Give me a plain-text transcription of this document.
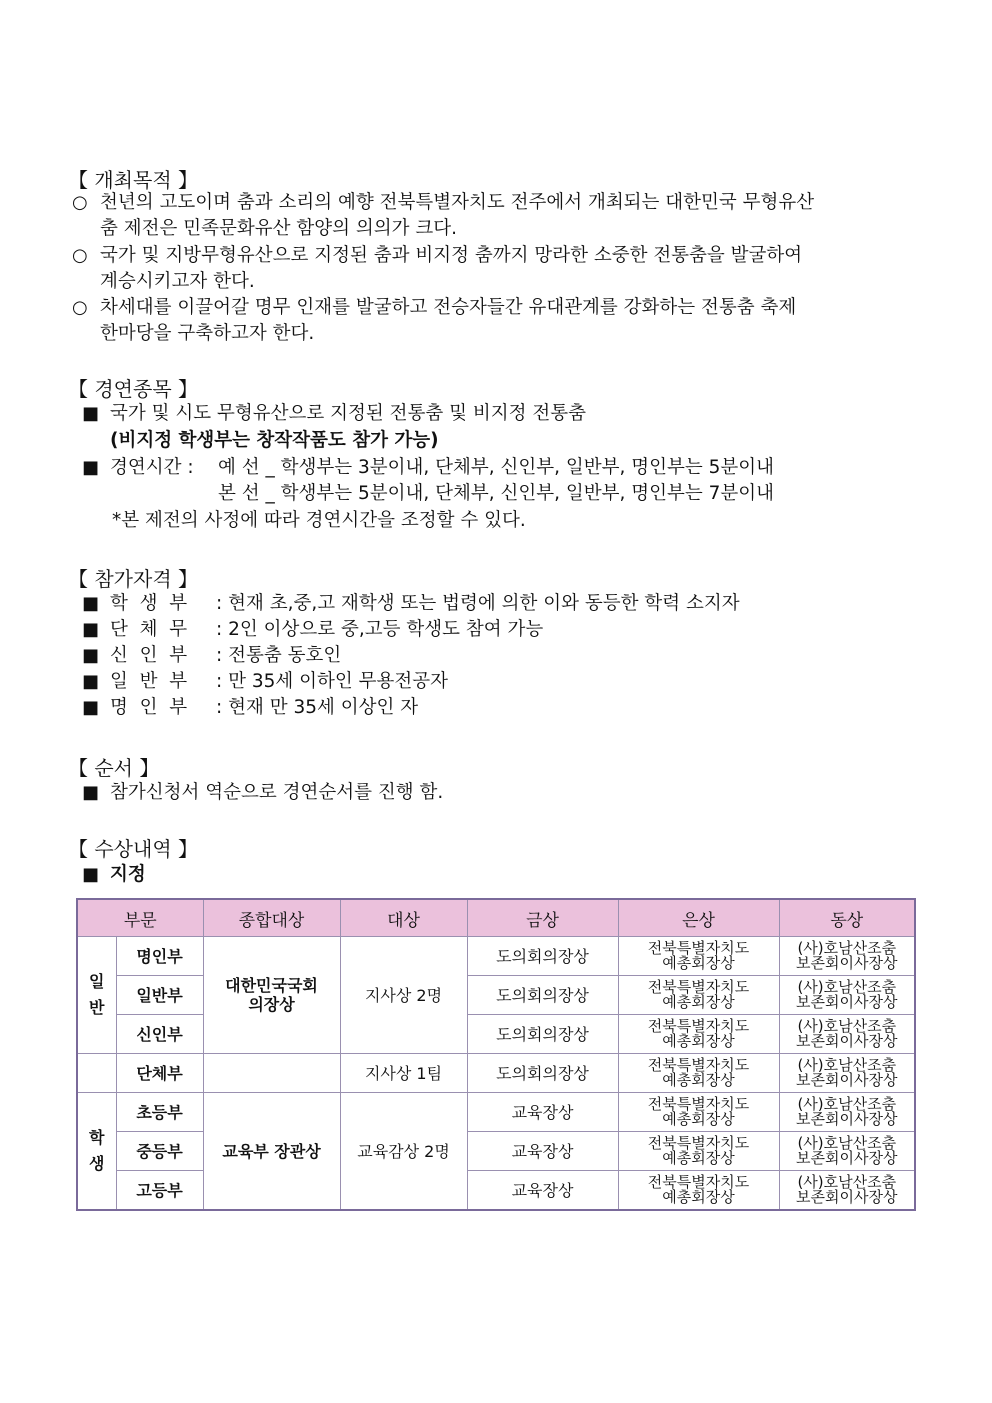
【 개최목적 】
○ 천년의 고도이며 춤과 소리의 예향 전북특별자치도 전주에서 개최되는 대한민국 무형유산
춤 제전은 민족문화유산 함양의 의의가 크다.
○ 국가 및 지방무형유산으로 지정된 춤과 비지정 춤까지 망라한 소중한 전통춤을 발굴하여
계승시키고자 한다.
○ 차세대를 이끌어갈 명무 인재를 발굴하고 전승자들간 유대관계를 강화하는 전통춤 축제
한마당을 구축하고자 한다.
【 경연종목 】
■ 국가 및 시도 무형유산으로 지정된 전통춤 및 비지정 전통춤
(비지정 학생부는 창작작품도 참가 가능)
■ 경연시간 : 예 선 _ 학생부는 3분이내, 단체부, 신인부, 일반부, 명인부는 5분이내
본 선 _ 학생부는 5분이내, 단체부, 신인부, 일반부, 명인부는 7분이내
*본 제전의 사정에 따라 경연시간을 조정할 수 있다.
【 참가자격 】
■ 학  생  부 : 현재 초,중,고 재학생 또는 법령에 의한 이와 동등한 학력 소지자
■ 단  체  무 : 2인 이상으로 중,고등 학생도 참여 가능
■ 신  인  부 : 전통춤 동호인
■ 일  반  부 : 만 35세 이하인 무용전공자
■ 명  인  부 : 현재 만 35세 이상인 자
【 순서 】
■ 참가신청서 역순으로 경연순서를 진행 함.
【 수상내역 】
■ 지정
부문		종합대상	대상	금상	은상	동상
일
반	명인부	대한민국국회
의장상	지사상 2명	도의회의장상	전북특별자치도
예총회장상	(사)호남산조춤
보존회이사장상
	일반부			도의회의장상	전북특별자치도
예총회장상	(사)호남산조춤
보존회이사장상
	신인부			도의회의장상	전북특별자치도
예총회장상	(사)호남산조춤
보존회이사장상
	단체부		지사상 1팀	도의회의장상	전북특별자치도
예총회장상	(사)호남산조춤
보존회이사장상
학
생	초등부	교육부 장관상	교육감상 2명	교육장상	전북특별자치도
예총회장상	(사)호남산조춤
보존회이사장상
	중등부			교육장상	전북특별자치도
예총회장상	(사)호남산조춤
보존회이사장상
	고등부			교육장상	전북특별자치도
예총회장상	(사)호남산조춤
보존회이사장상
